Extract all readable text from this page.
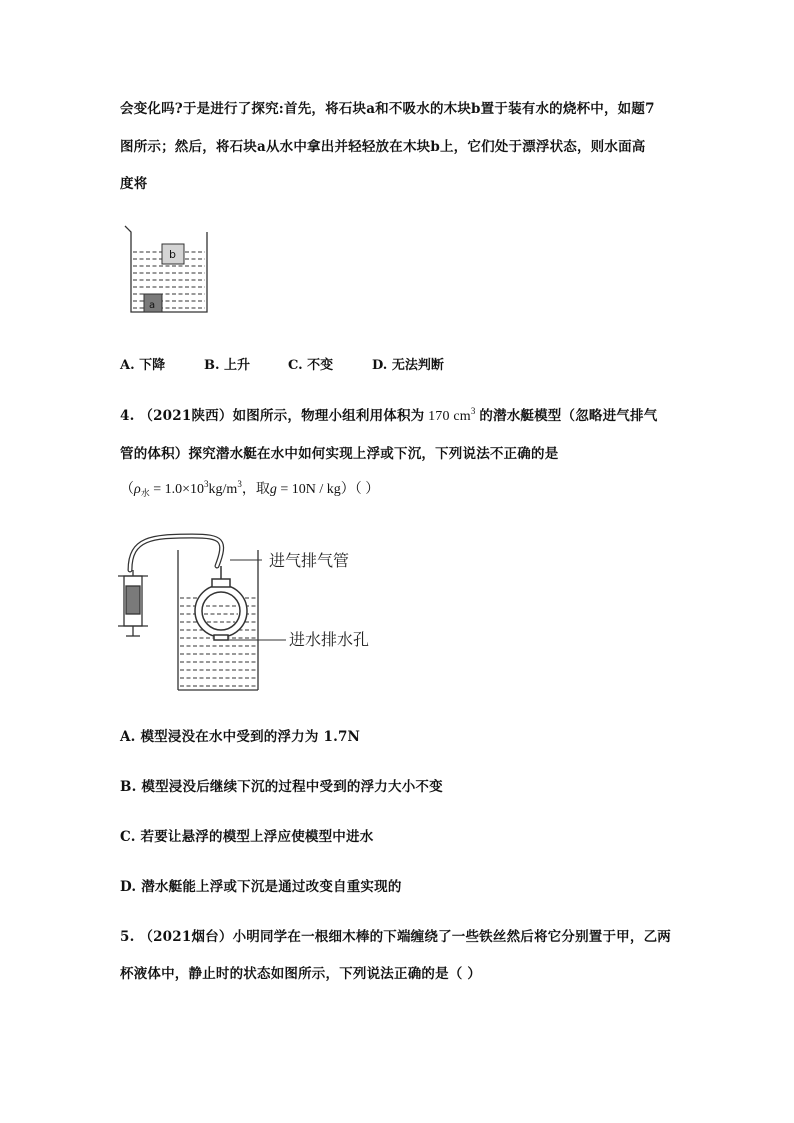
会变化吗?于是进行了探究:首先，将石块a和不吸水的木块b置于装有水的烧杯中，如题7
图所示；然后，将石块a从水中拿出并轻轻放在木块b上，它们处于漂浮状态，则水面高
度将
b
a
A. 下降	B. 上升	C. 不变	D. 无法判断
4. （2021陕西）如图所示，物理小组利用体积为 170 $cm^3$ 的潜水艇模型（忽略进气排气
管的体积）探究潜水艇在水中如何实现上浮或下沉，下列说法不正确的是
（$\rho_水 = 1.0\times 10^3kg/m^3$，取g = 10N / kg）（ ）
进气排气管
进水排水孔
A. 模型浸没在水中受到的浮力为 1.7N
B. 模型浸没后继续下沉的过程中受到的浮力大小不变
C. 若要让悬浮的模型上浮应使模型中进水
D. 潜水艇能上浮或下沉是通过改变自重实现的
5. （2021烟台）小明同学在一根细木棒的下端缠绕了一些铁丝然后将它分别置于甲，乙两
杯液体中，静止时的状态如图所示，下列说法正确的是（ ）
